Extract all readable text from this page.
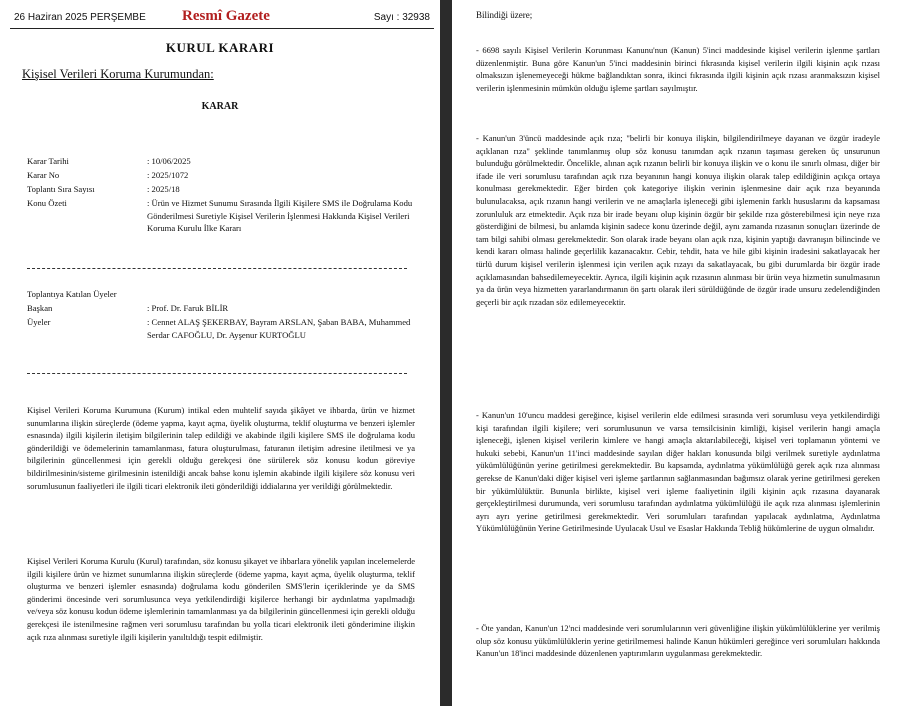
26 Haziran 2025 PERŞEMBE Resmî Gazete	Sayı : 32938
KURUL KARARI
Kişisel Verileri Koruma Kurumundan:
KARAR
Karar Tarihi	: 10/06/2025
Karar No	: 2025/1072
Toplantı Sıra Sayısı	: 2025/18
Konu Özeti	: Ürün ve Hizmet Sunumu Sırasında İlgili Kişilere SMS ile Doğrulama Kodu Gönderilmesi Suretiyle Kişisel Verilerin İşlenmesi Hakkında Kişisel Verileri Koruma Kurulu İlke Kararı
Toplantıya Katılan Üyeler
Başkan	: Prof. Dr. Faruk BİLİR
Üyeler	: Cennet ALAŞ ŞEKERBAY, Bayram ARSLAN, Şaban BABA, Muhammed Serdar CAFOĞLU, Dr. Ayşenur KURTOĞLU
Kişisel Verileri Koruma Kurumuna (Kurum) intikal eden muhtelif sayıda şikâyet ve ihbarda, ürün ve hizmet sunumlarına ilişkin süreçlerde (ödeme yapma, kayıt açma, üyelik oluşturma, teklif oluşturma ve benzeri işlemler esnasında) ilgili kişilerin iletişim bilgilerinin talep edildiği ve akabinde ilgili kişilere SMS ile doğrulama kodu gönderildiği ve ödemelerinin tamamlanması, fatura oluşturulması, faturanın iletişim adresine iletilmesi ve ya bilgilerinin güncellenmesi için gerekli olduğu gerekçesi öne sürülerek söz konusu kodun göreviye bildirilmesinin/sisteme girilmesinin istenildiği ancak bahse konu işlemin akabinde ilgili kişilere söz konusu veri sorumlusunun faaliyetleri ile ilgili ticari elektronik ileti gönderildiği iddialarına yer verildiği görülmektedir.
Kişisel Verileri Koruma Kurulu (Kurul) tarafından, söz konusu şikayet ve ihbarlara yönelik yapılan incelemelerde ilgili kişilere ürün ve hizmet sunumlarına ilişkin süreçlerde (ödeme yapma, kayıt açma, üyelik oluşturma, teklif oluşturma ve benzeri işlemler esnasında) doğrulama kodu gönderilen SMS'lerin içeriklerinde ye da SMS gönderimi öncesinde veri sorumlusunca veya yetkilendirdiği kişilerce herhangi bir aydınlatma yapılmadığı ve/veya söz konusu kodun ödeme işlemlerinin tamamlanması ya da bilgilerinin güncellenmesi için gerekli olduğu gerekçesi ile istenilmesine rağmen veri sorumlusu tarafından bu yolla ticari elektronik ileti gönderimine ilişkin açık rıza alınması suretiyle ilgili kişilerin yanıltıldığı tespit edilmiştir.
Bilindiği üzere;
- 6698 sayılı Kişisel Verilerin Korunması Kanunu'nun (Kanun) 5'inci maddesinde kişisel verilerin işlenme şartları düzenlenmiştir. Buna göre Kanun'un 5'inci maddesinin birinci fıkrasında kişisel verilerin ilgili kişinin açık rızası olmaksızın işlenemeyeceği hükme bağlandıktan sonra, ikinci fıkrasında ilgili kişinin açık rızası aranmaksızın kişisel verilerin işlenmesinin mümkün olduğu işleme şartları sayılmıştır.
- Kanun'un 3'üncü maddesinde açık rıza; "belirli bir konuya ilişkin, bilgilendirilmeye dayanan ve özgür iradeyle açıklanan rıza" şeklinde tanımlanmış olup söz konusu tanımdan açık rızanın taşıması gereken üç unsurunun bulunduğu görülmektedir. Öncelikle, alınan açık rızanın belirli bir konuya ilişkin ve o konu ile sınırlı olması, diğer bir ifade ile veri sorumlusu tarafından açık rıza beyanının hangi konuya ilişkin olarak talep edildiğinin açıkça ortaya konulması gerekmektedir. Eğer birden çok kategoriye ilişkin verinin işlenmesine dair açık rıza beyanında bulunulacaksa, açık rızanın hangi verilerin ve ne amaçlarla işleneceği gibi işlemenin farklı hususlarını da kapsaması zorunluluk arz etmektedir. Açık rıza bir irade beyanı olup kişinin özgür bir şekilde rıza gösterebilmesi için neye rıza gösterdiğini de bilmesi, bu anlamda kişinin sadece konu üzerinde değil, aynı zamanda rızasının sonuçları üzerinde de tam bilgi sahibi olması gerekmektedir. Son olarak irade beyanı olan açık rıza, kişinin yaptığı davranışın bilincinde ve kendi kararı olması halinde geçerlilik kazanacaktır. Cebir, tehdit, hata ve hile gibi kişinin iradesini sakatlayacak her türlü durum kişisel verilerin işlenmesi için verilen açık rızayı da sakatlayacak, bu gibi durumlarda bir özgür irade açıklamasından bahsedilemeyecektir. Ayrıca, ilgili kişinin açık rızasının alınması bir ürün veya hizmetin sunulmasının ya da ürün veya hizmetten yararlandırmanın ön şartı olarak ileri sürüldüğünde de özgür irade unsuru zedelendiğinden geçerli bir açık rızadan söz edilemeyecektir.
- Kanun'un 10'uncu maddesi gereğince, kişisel verilerin elde edilmesi sırasında veri sorumlusu veya yetkilendirdiği kişi tarafından ilgili kişilere; veri sorumlusunun ve varsa temsilcisinin kimliği, kişisel verilerin hangi amaçla işleneceği, işlenen kişisel verilerin kimlere ve hangi amaçla aktarılabileceği, kişisel veri toplamanın yöntemi ve hukuki sebebi, Kanun'un 11'inci maddesinde sayılan diğer hakları konusunda bilgi verilmek suretiyle aydınlatma yükümlülüğünün yerine getirilmesi gerekmektedir. Bu kapsamda, aydınlatma yükümlülüğü gerek açık rıza alınması gerekse de Kanun'daki diğer kişisel veri işleme şartlarının sağlanmasından bağımsız olarak yerine getirilmesi gereken bir yükümlülüktür. Bununla birlikte, kişisel veri işleme faaliyetinin ilgili kişinin açık rızasına dayanarak gerçekleştirilmesi durumunda, veri sorumlusu tarafından aydınlatma yükümlülüğü ile açık rıza alınması işlemlerinin ayrı ayrı yerine getirilmesi gerekmektedir. Veri sorumluları tarafından yapılacak aydınlatma, Aydınlatma Yükümlülüğünün Yerine Getirilmesinde Uyulacak Usul ve Esaslar Hakkında Tebliğ hükümlerine de uygun olmalıdır.
- Öte yandan, Kanun'un 12'nci maddesinde veri sorumlularının veri güvenliğine ilişkin yükümlülüklerine yer verilmiş olup söz konusu yükümlülüklerin yerine getirilmemesi halinde Kanun hükümleri gereğince veri sorumluları hakkında Kanun'un 18'inci maddesinde düzenlenen yaptırımların uygulanması gerekmektedir.
